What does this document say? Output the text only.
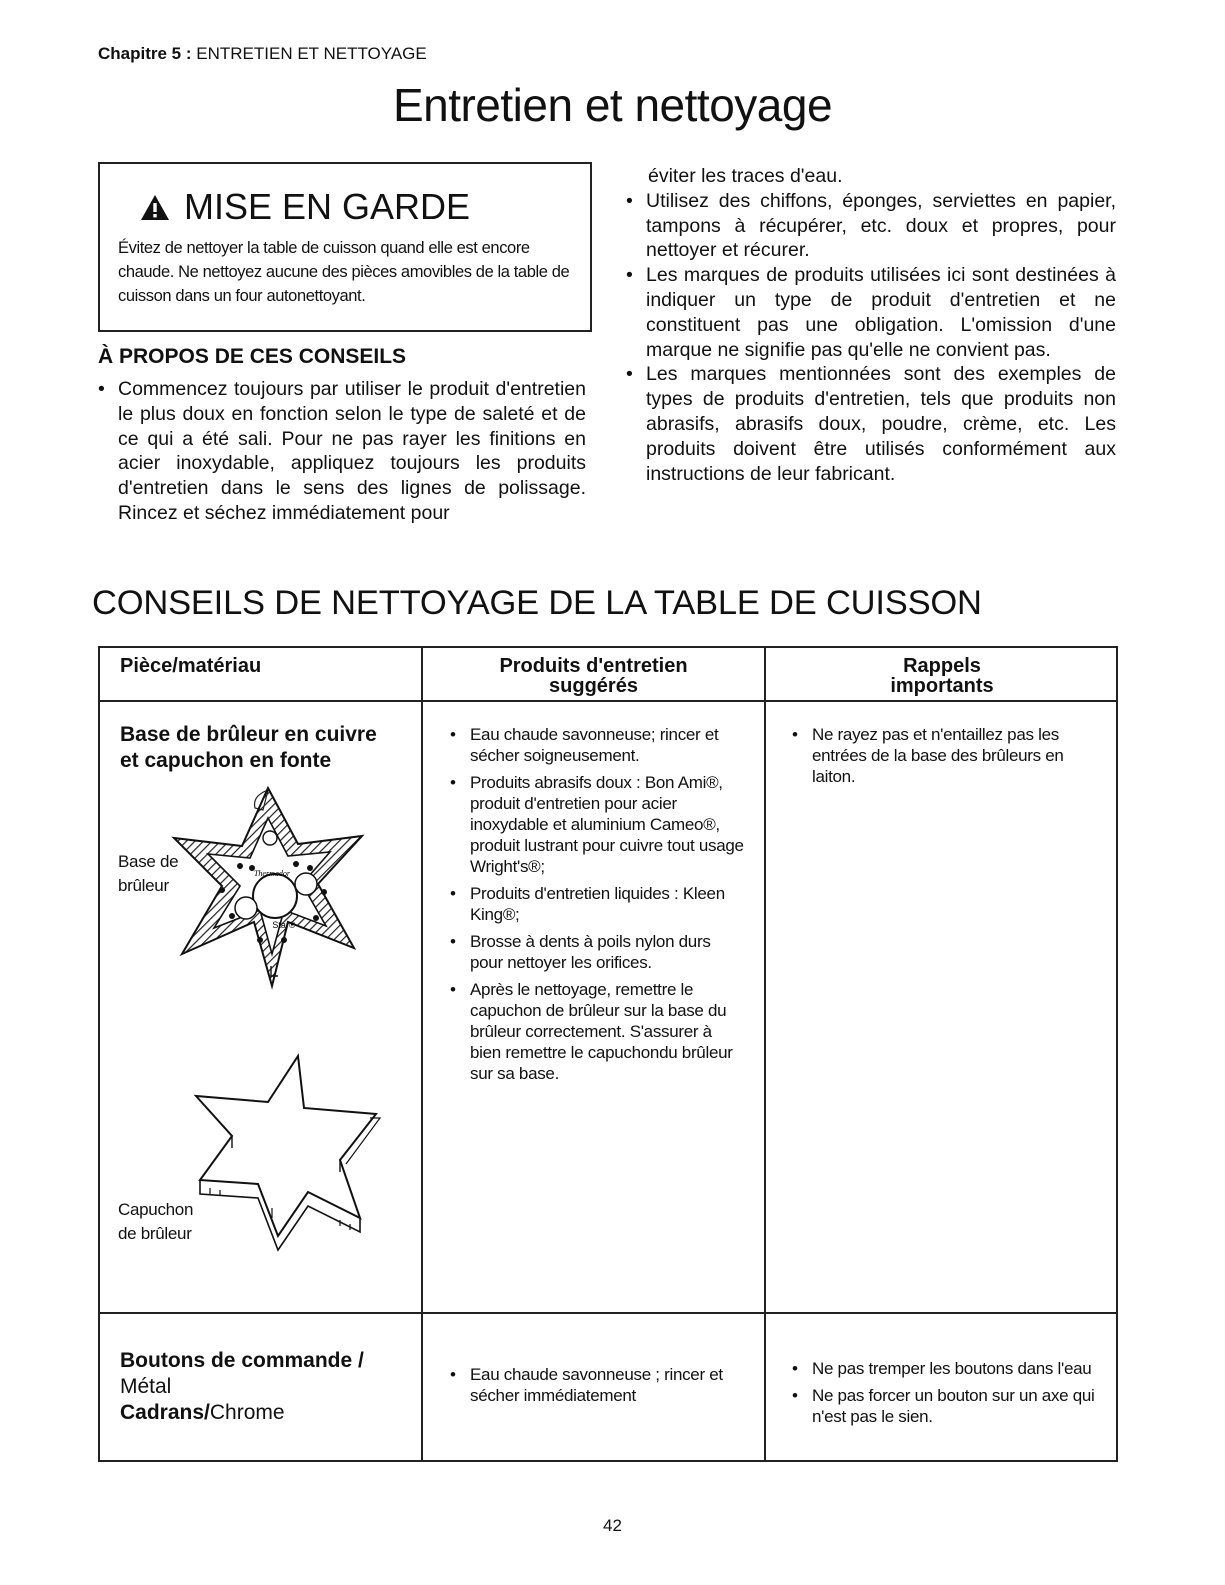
Chapitre 5 : ENTRETIEN ET NETTOYAGE
Entretien et nettoyage
MISE EN GARDE
Évitez de nettoyer la table de cuisson quand elle est encore chaude. Ne nettoyez aucune des pièces amovibles de la table de cuisson dans un four autonettoyant.
À PROPOS DE CES CONSEILS
• Commencez toujours par utiliser le produit d'entretien le plus doux en fonction selon le type de saleté et de ce qui a été sali. Pour ne pas rayer les finitions en acier inoxydable, appliquez toujours les produits d'entretien dans le sens des lignes de polissage. Rincez et séchez immédiatement pour
éviter les traces d'eau.
• Utilisez des chiffons, éponges, serviettes en papier, tampons à récupérer, etc. doux et propres, pour nettoyer et récurer.
• Les marques de produits utilisées ici sont destinées à indiquer un type de produit d'entretien et ne constituent pas une obligation. L'omission d'une marque ne signifie pas qu'elle ne convient pas.
• Les marques mentionnées sont des exemples de types de produits d'entretien, tels que produits non abrasifs, abrasifs doux, poudre, crème, etc. Les produits doivent être utilisés conformément aux instructions de leur fabricant.
CONSEILS DE NETTOYAGE DE LA TABLE DE CUISSON
Pièce/matériau	Produits d'entretien
suggérés
Rappels
importants
Base de brûleur en cuivre
et capuchon en fonte
Thermador
Star®
Base de
brûleur
Capuchon
de brûleur
• Eau chaude savonneuse; rincer et sécher soigneusement.
• Produits abrasifs doux : Bon Ami®, produit d'entretien pour acier inoxydable et aluminium Cameo®, produit lustrant pour cuivre tout usage Wright's®;
• Produits d'entretien liquides : Kleen King®;
• Brosse à dents à poils nylon durs pour nettoyer les orifices.
• Après le nettoyage, remettre le capuchon de brûleur sur la base du brûleur correctement. S'assurer à bien remettre le capuchondu brûleur sur sa base.
• Ne rayez pas et n'entaillez pas les entrées de la base des brûleurs en laiton.
Boutons de commande /
Métal
Cadrans/Chrome
• Eau chaude savonneuse ; rincer et sécher immédiatement
• Ne pas tremper les boutons dans l'eau
• Ne pas forcer un bouton sur un axe qui n'est pas le sien.
42
